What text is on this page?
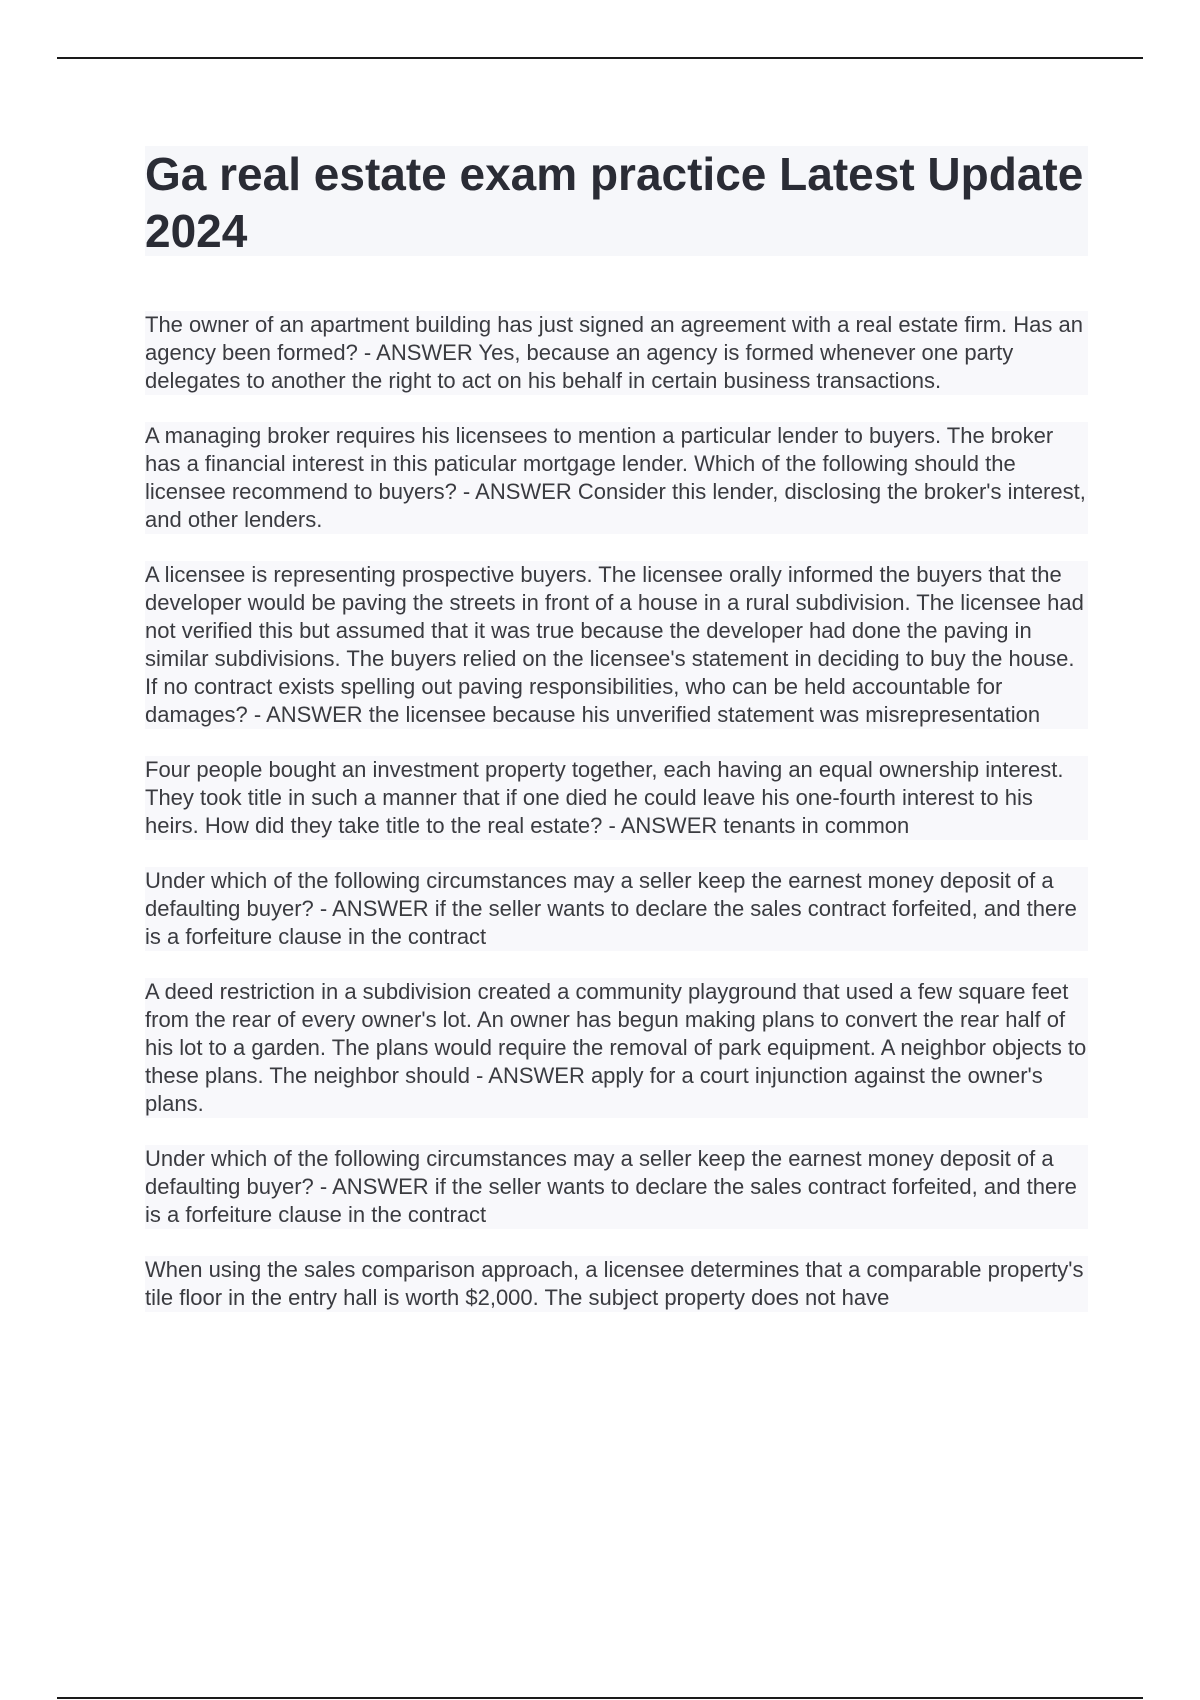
Ga real estate exam practice Latest Update 2024

The owner of an apartment building has just signed an agreement with a real estate firm. Has an agency been formed? - ANSWER Yes, because an agency is formed whenever one party delegates to another the right to act on his behalf in certain business transactions.

A managing broker requires his licensees to mention a particular lender to buyers. The broker has a financial interest in this paticular mortgage lender. Which of the following should the licensee recommend to buyers? - ANSWER Consider this lender, disclosing the broker's interest, and other lenders.

A licensee is representing prospective buyers. The licensee orally informed the buyers that the developer would be paving the streets in front of a house in a rural subdivision. The licensee had not verified this but assumed that it was true because the developer had done the paving in similar subdivisions. The buyers relied on the licensee's statement in deciding to buy the house. If no contract exists spelling out paving responsibilities, who can be held accountable for damages? - ANSWER the licensee because his unverified statement was misrepresentation

Four people bought an investment property together, each having an equal ownership interest. They took title in such a manner that if one died he could leave his one-fourth interest to his heirs. How did they take title to the real estate? - ANSWER tenants in common

Under which of the following circumstances may a seller keep the earnest money deposit of a defaulting buyer? - ANSWER if the seller wants to declare the sales contract forfeited, and there is a forfeiture clause in the contract

A deed restriction in a subdivision created a community playground that used a few square feet from the rear of every owner's lot. An owner has begun making plans to convert the rear half of his lot to a garden. The plans would require the removal of park equipment. A neighbor objects to these plans. The neighbor should - ANSWER apply for a court injunction against the owner's plans.

Under which of the following circumstances may a seller keep the earnest money deposit of a defaulting buyer? - ANSWER if the seller wants to declare the sales contract forfeited, and there is a forfeiture clause in the contract

When using the sales comparison approach, a licensee determines that a comparable property's tile floor in the entry hall is worth $2,000. The subject property does not have
